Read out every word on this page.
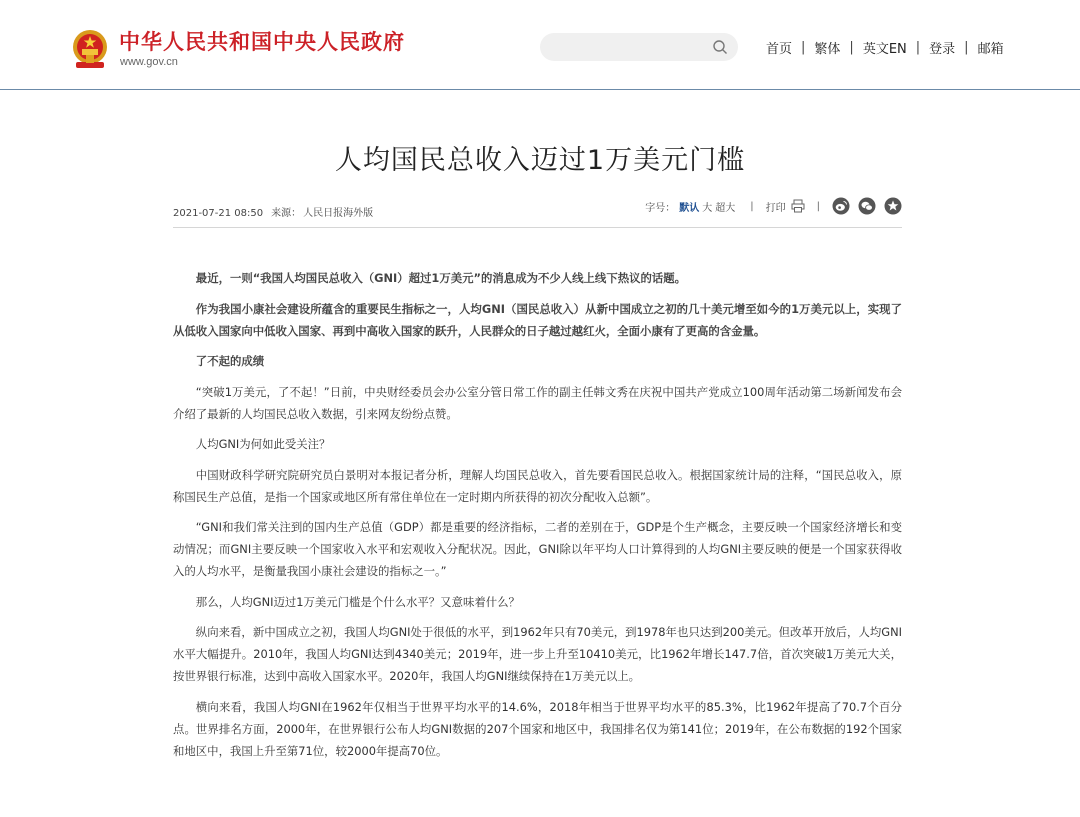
中华人民共和国中央人民政府
www.gov.cn
首页 | 繁体 | 英文EN | 登录 | 邮箱
人均国民总收入迈过1万美元门槛
2021-07-21 08:50 来源： 人民日报海外版	字号： 默认 大 超大 | 打印	|

最近，一则“我国人均国民总收入（GNI）超过1万美元”的消息成为不少人线上线下热议的话题。

作为我国小康社会建设所蕴含的重要民生指标之一，人均GNI（国民总收入）从新中国成立之初的几十美元增至如今的1万美元以上，实现了从低收入国家向中低收入国家、再到中高收入国家的跃升，人民群众的日子越过越红火，全面小康有了更高的含金量。

了不起的成绩

“突破1万美元，了不起！”日前，中央财经委员会办公室分管日常工作的副主任韩文秀在庆祝中国共产党成立100周年活动第二场新闻发布会介绍了最新的人均国民总收入数据，引来网友纷纷点赞。

人均GNI为何如此受关注？

中国财政科学研究院研究员白景明对本报记者分析，理解人均国民总收入，首先要看国民总收入。根据国家统计局的注释，“国民总收入，原称国民生产总值，是指一个国家或地区所有常住单位在一定时期内所获得的初次分配收入总额”。

“GNI和我们常关注到的国内生产总值（GDP）都是重要的经济指标，二者的差别在于，GDP是个生产概念，主要反映一个国家经济增长和变动情况；而GNI主要反映一个国家收入水平和宏观收入分配状况。因此，GNI除以年平均人口计算得到的人均GNI主要反映的便是一个国家获得收入的人均水平，是衡量我国小康社会建设的指标之一。”

那么，人均GNI迈过1万美元门槛是个什么水平？又意味着什么？

纵向来看，新中国成立之初，我国人均GNI处于很低的水平，到1962年只有70美元，到1978年也只达到200美元。但改革开放后，人均GNI水平大幅提升。2010年，我国人均GNI达到4340美元；2019年，进一步上升至10410美元，比1962年增长147.7倍，首次突破1万美元大关，按世界银行标准，达到中高收入国家水平。2020年，我国人均GNI继续保持在1万美元以上。

横向来看，我国人均GNI在1962年仅相当于世界平均水平的14.6%，2018年相当于世界平均水平的85.3%，比1962年提高了70.7个百分点。世界排名方面，2000年，在世界银行公布人均GNI数据的207个国家和地区中，我国排名仅为第141位；2019年，在公布数据的192个国家和地区中，我国上升至第71位，较2000年提高70位。
